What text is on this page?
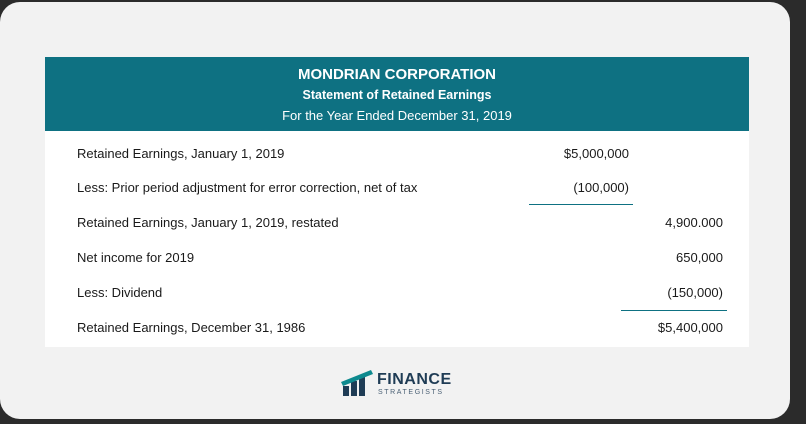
MONDRIAN CORPORATION
Statement of Retained Earnings
For the Year Ended December 31, 2019
Retained Earnings, January 1, 2019	$5,000,000
Less: Prior period adjustment for error correction, net of tax	(100,000)
Retained Earnings, January 1, 2019, restated	4,900.000
Net income for 2019	650,000
Less: Dividend	(150,000)
Retained Earnings, December 31, 1986	$5,400,000
FINANCE
STRATEGISTS
